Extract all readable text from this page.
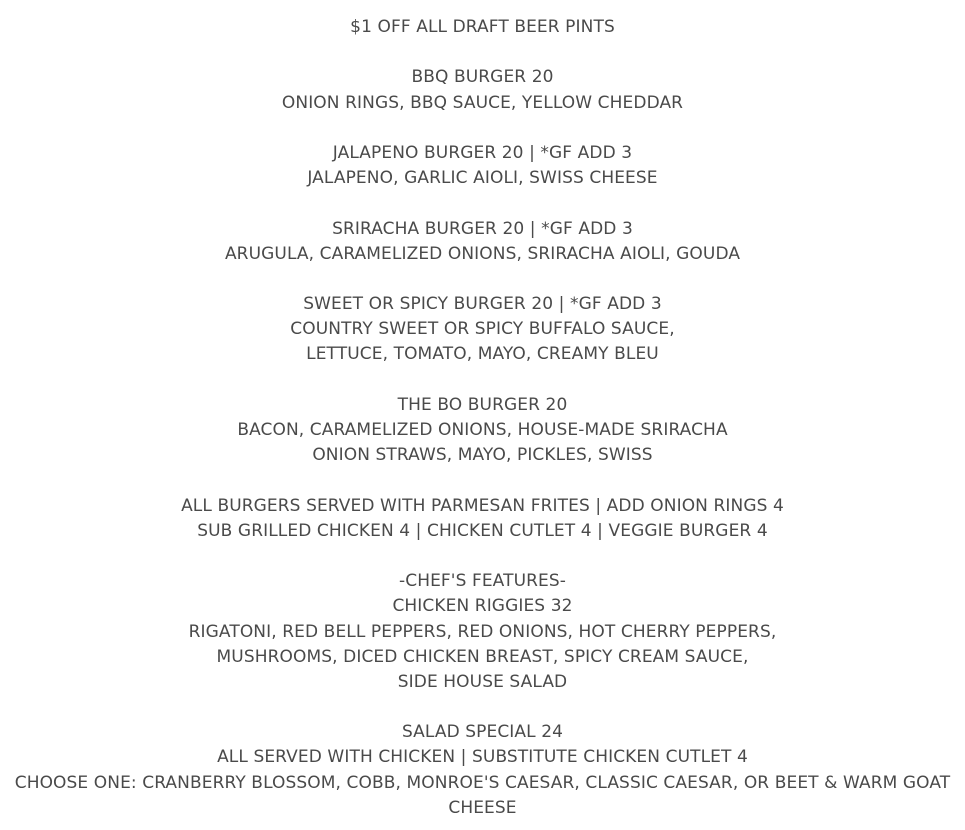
$1 OFF ALL DRAFT BEER PINTS
BBQ BURGER 20
ONION RINGS, BBQ SAUCE, YELLOW CHEDDAR
JALAPENO BURGER 20 | *GF ADD 3
JALAPENO, GARLIC AIOLI, SWISS CHEESE
SRIRACHA BURGER 20 | *GF ADD 3
ARUGULA, CARAMELIZED ONIONS, SRIRACHA AIOLI, GOUDA
SWEET OR SPICY BURGER 20 | *GF ADD 3
COUNTRY SWEET OR SPICY BUFFALO SAUCE,
LETTUCE, TOMATO, MAYO, CREAMY BLEU
THE BO BURGER 20
BACON, CARAMELIZED ONIONS, HOUSE-MADE SRIRACHA
ONION STRAWS, MAYO, PICKLES, SWISS
ALL BURGERS SERVED WITH PARMESAN FRITES | ADD ONION RINGS 4
SUB GRILLED CHICKEN 4 | CHICKEN CUTLET 4 | VEGGIE BURGER 4
-CHEF'S FEATURES-
CHICKEN RIGGIES 32
RIGATONI, RED BELL PEPPERS, RED ONIONS, HOT CHERRY PEPPERS,
MUSHROOMS, DICED CHICKEN BREAST, SPICY CREAM SAUCE,
SIDE HOUSE SALAD
SALAD SPECIAL 24
ALL SERVED WITH CHICKEN | SUBSTITUTE CHICKEN CUTLET 4
CHOOSE ONE: CRANBERRY BLOSSOM, COBB, MONROE'S CAESAR, CLASSIC CAESAR, OR BEET & WARM GOAT CHEESE
